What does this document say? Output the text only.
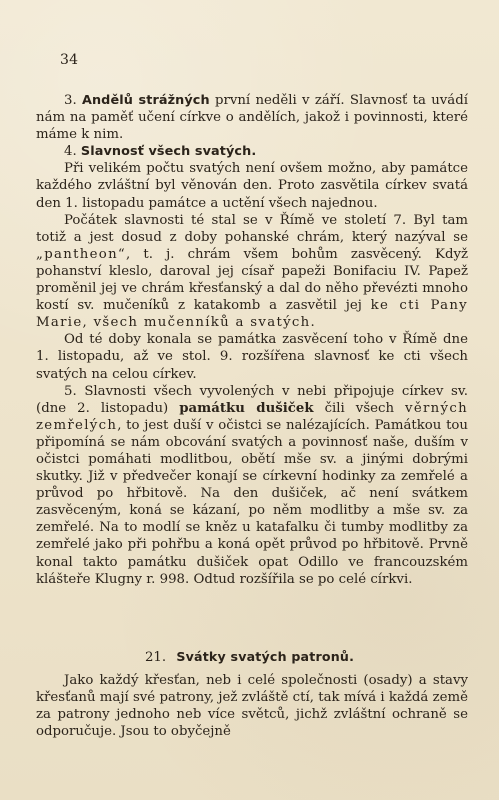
34

3. Andělů strážných první neděli v září. Slavnosť ta uvádí nám na paměť učení církve o andělích, jakož i povinnosti, které máme k nim.

4. Slavnosť všech svatých.

Při velikém počtu svatých není ovšem možno, aby památce každého zvláštní byl věnován den. Proto zasvětila církev svatá den 1. listopadu památce a uctění všech najednou.

Počátek slavnosti té stal se v Římě ve století 7. Byl tam totiž a jest dosud z doby pohanské chrám, který nazýval se „pantheon“, t. j. chrám všem bohům zasvěcený. Když pohanství kleslo, daroval jej císař papeži Bonifaciu IV. Papež proměnil jej ve chrám křesťanský a dal do něho převézti mnoho kostí sv. mučeníků z katakomb a zasvětil jej ke cti Pany Marie, všech mučenníků a svatých.

Od té doby konala se památka zasvěcení toho v Římě dne 1. listopadu, až ve stol. 9. rozšířena slavnosť ke cti všech svatých na celou církev.

5. Slavnosti všech vyvolených v nebi připojuje církev sv. (dne 2. listopadu) památku dušiček čili všech věrných zemřelých, to jest duší v očistci se nalézajících. Památkou tou připomíná se nám obcování svatých a povinnosť naše, duším v očistci pomáhati modlitbou, obětí mše sv. a jinými dobrými skutky. Již v předvečer konají se církevní hodinky za zemřelé a průvod po hřbitově. Na den dušiček, ač není svátkem zasvěceným, koná se kázaní, po něm modlitby a mše sv. za zemřelé. Na to modlí se kněz u katafalku či tumby modlitby za zemřelé jako při pohřbu a koná opět průvod po hřbitově. Prvně konal takto památku dušiček opat Odillo ve francouzském klášteře Klugny r. 998. Odtud rozšířila se po celé církvi.

21. Svátky svatých patronů.

Jako každý křesťan, neb i celé společnosti (osady) a stavy křesťanů mají své patrony, jež zvláště ctí, tak mívá i každá země za patrony jednoho neb více světců, jichž zvláštní ochraně se odporučuje. Jsou to obyčejně
